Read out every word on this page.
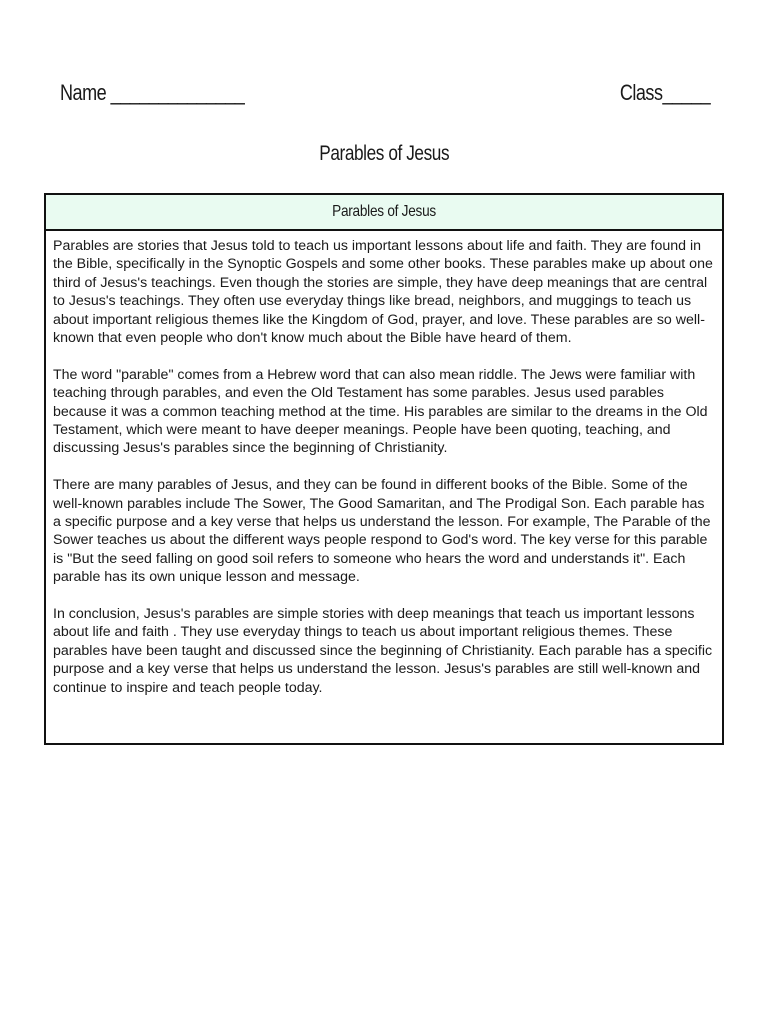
Name ______________	Class_____
Parables of Jesus
Parables of Jesus

Parables are stories that Jesus told to teach us important lessons about life and faith. They are found in the Bible, specifically in the Synoptic Gospels and some other books. These parables make up about one third of Jesus's teachings. Even though the stories are simple, they have deep meanings that are central to Jesus's teachings. They often use everyday things like bread, neighbors, and muggings to teach us about important religious themes like the Kingdom of God, prayer, and love. These parables are so well-known that even people who don't know much about the Bible have heard of them.

The word "parable" comes from a Hebrew word that can also mean riddle. The Jews were familiar with teaching through parables, and even the Old Testament has some parables. Jesus used parables because it was a common teaching method at the time. His parables are similar to the dreams in the Old Testament, which were meant to have deeper meanings. People have been quoting, teaching, and discussing Jesus's parables since the beginning of Christianity.

There are many parables of Jesus, and they can be found in different books of the Bible. Some of the well-known parables include The Sower, The Good Samaritan, and The Prodigal Son. Each parable has a specific purpose and a key verse that helps us understand the lesson. For example, The Parable of the Sower teaches us about the different ways people respond to God's word. The key verse for this parable is "But the seed falling on good soil refers to someone who hears the word and understands it". Each parable has its own unique lesson and message.

In conclusion, Jesus's parables are simple stories with deep meanings that teach us important lessons about life and faith . They use everyday things to teach us about important religious themes. These parables have been taught and discussed since the beginning of Christianity. Each parable has a specific purpose and a key verse that helps us understand the lesson. Jesus's parables are still well-known and continue to inspire and teach people today.
